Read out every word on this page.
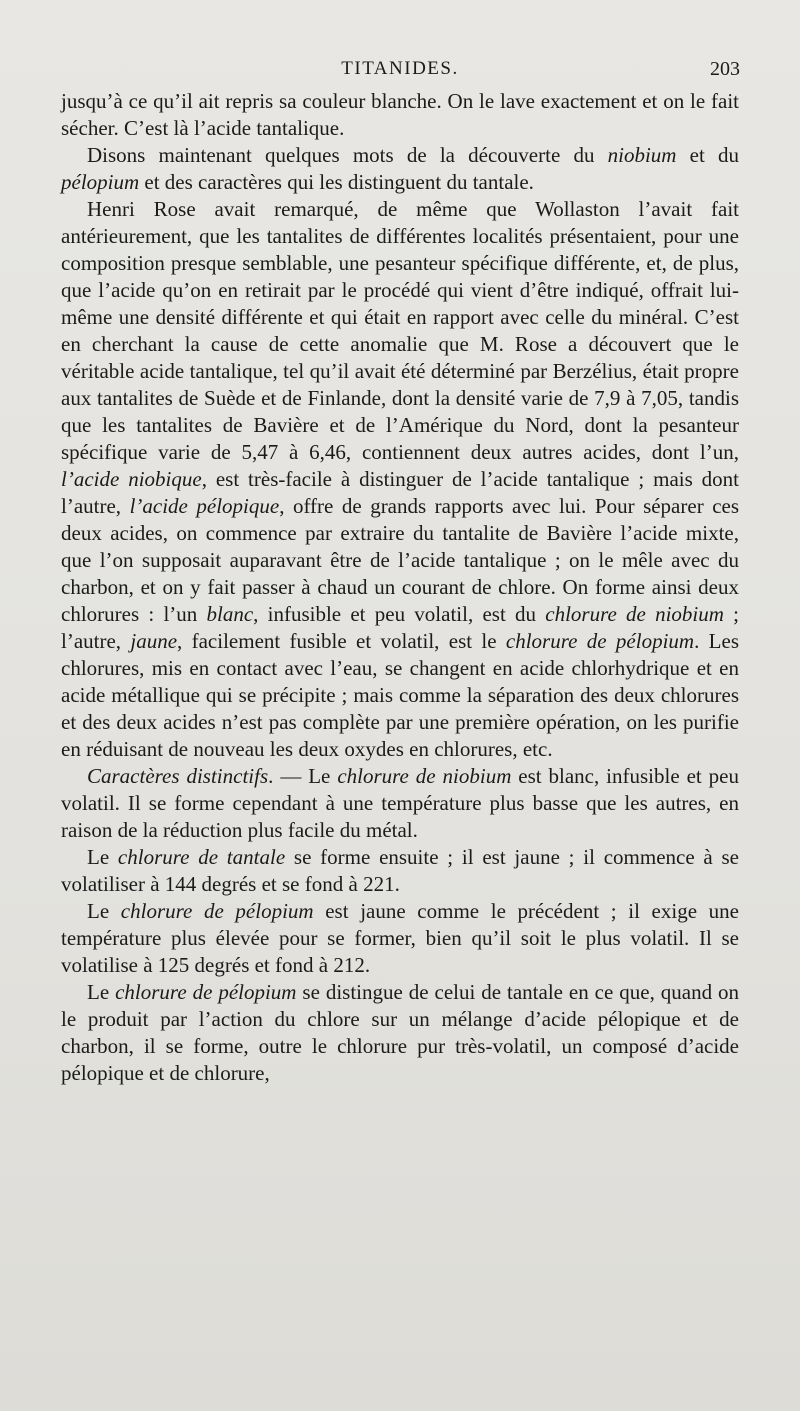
TITANIDES.	203

jusqu’à ce qu’il ait repris sa couleur blanche. On le lave exactement et on le fait sécher. C’est là l’acide tantalique.

Disons maintenant quelques mots de la découverte du niobium et du pélopium et des caractères qui les distinguent du tantale.

Henri Rose avait remarqué, de même que Wollaston l’avait fait antérieurement, que les tantalites de différentes localités présentaient, pour une composition presque semblable, une pesanteur spécifique différente, et, de plus, que l’acide qu’on en retirait par le procédé qui vient d’être indiqué, offrait lui-même une densité différente et qui était en rapport avec celle du minéral. C’est en cherchant la cause de cette anomalie que M. Rose a découvert que le véritable acide tantalique, tel qu’il avait été déterminé par Berzélius, était propre aux tantalites de Suède et de Finlande, dont la densité varie de 7,9 à 7,05, tandis que les tantalites de Bavière et de l’Amérique du Nord, dont la pesanteur spécifique varie de 5,47 à 6,46, contiennent deux autres acides, dont l’un, l’acide niobique, est très-facile à distinguer de l’acide tantalique ; mais dont l’autre, l’acide pélopique, offre de grands rapports avec lui. Pour séparer ces deux acides, on commence par extraire du tantalite de Bavière l’acide mixte, que l’on supposait auparavant être de l’acide tantalique ; on le mêle avec du charbon, et on y fait passer à chaud un courant de chlore. On forme ainsi deux chlorures : l’un blanc, infusible et peu volatil, est du chlorure de niobium ; l’autre, jaune, facilement fusible et volatil, est le chlorure de pélopium. Les chlorures, mis en contact avec l’eau, se changent en acide chlorhydrique et en acide métallique qui se précipite ; mais comme la séparation des deux chlorures et des deux acides n’est pas complète par une première opération, on les purifie en réduisant de nouveau les deux oxydes en chlorures, etc.

Caractères distinctifs. — Le chlorure de niobium est blanc, infusible et peu volatil. Il se forme cependant à une température plus basse que les autres, en raison de la réduction plus facile du métal.

Le chlorure de tantale se forme ensuite ; il est jaune ; il commence à se volatiliser à 144 degrés et se fond à 221.

Le chlorure de pélopium est jaune comme le précédent ; il exige une température plus élevée pour se former, bien qu’il soit le plus volatil. Il se volatilise à 125 degrés et fond à 212.

Le chlorure de pélopium se distingue de celui de tantale en ce que, quand on le produit par l’action du chlore sur un mélange d’acide pélopique et de charbon, il se forme, outre le chlorure pur très-volatil, un composé d’acide pélopique et de chlorure,
